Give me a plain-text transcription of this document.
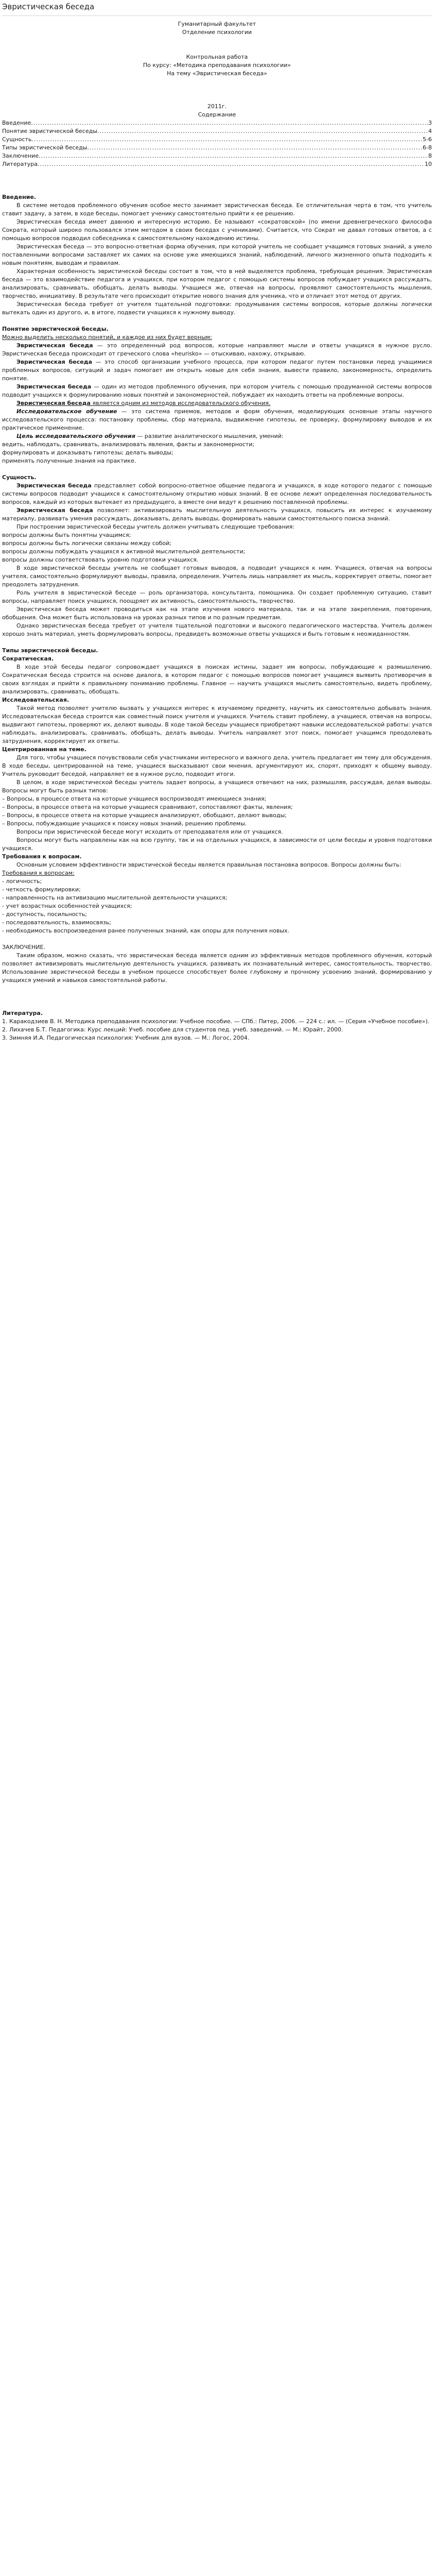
Эвристическая беседа
Гуманитарный факультет
Отделение психологии
Контрольная работа
По курсу: «Методика преподавания психологии»
На тему «Эвристическая беседа»
2011г.
Содержание
Введение .....	3
Понятие эвристической беседы .....	4
Сущность .....	5-6
Типы эвристической беседы .....	6-8
Заключение .....	8
Литература .....	10

Введение.

В системе методов проблемного обучения особое место занимает эвристическая беседа. Ее отличительная черта в том, что учитель ставит задачу, а затем, в ходе беседы, помогает ученику самостоятельно прийти к ее решению.

Эвристическая беседа имеет давнюю и интересную историю. Ее называют «сократовской» (по имени древнегреческого философа Сократа, который широко пользовался этим методом в своих беседах с учениками). Считается, что Сократ не давал готовых ответов, а с помощью вопросов подводил собеседника к самостоятельному нахождению истины.

Эвристическая беседа — это вопросно-ответная форма обучения, при которой учитель не сообщает учащимся готовых знаний, а умело поставленными вопросами заставляет их самих на основе уже имеющихся знаний, наблюдений, личного жизненного опыта подходить к новым понятиям, выводам и правилам.

Характерная особенность эвристической беседы состоит в том, что в ней выделяется проблема, требующая решения. Эвристическая беседа — это взаимодействие педагога и учащихся, при котором педагог с помощью системы вопросов побуждает учащихся рассуждать, анализировать, сравнивать, обобщать, делать выводы. Учащиеся же, отвечая на вопросы, проявляют самостоятельность мышления, творчество, инициативу. В результате чего происходит открытие нового знания для ученика, что и отличает этот метод от других.

Эвристическая беседа требует от учителя тщательной подготовки: продумывания системы вопросов, которые должны логически вытекать один из другого, и, в итоге, подвести учащихся к нужному выводу.

Понятие эвристической беседы.

Можно выделить несколько понятий, и каждое из них будет верным:

Эвристическая беседа — это определенный род вопросов, которые направляют мысли и ответы учащихся в нужное русло. Эвристическая беседа происходит от греческого слова «heurisko» — отыскиваю, нахожу, открываю.

Эвристическая беседа — это способ организации учебного процесса, при котором педагог путем постановки перед учащимися проблемных вопросов, ситуаций и задач помогает им открыть новые для себя знания, вывести правило, закономерность, определить понятие.

Эвристическая беседа — один из методов проблемного обучения, при котором учитель с помощью продуманной системы вопросов подводит учащихся к формулированию новых понятий и закономерностей, побуждает их находить ответы на проблемные вопросы.

Эвристическая беседа является одним из методов исследовательского обучения.

Исследовательское обучение — это система приемов, методов и форм обучения, моделирующих основные этапы научного исследовательского процесса: постановку проблемы, сбор материала, выдвижение гипотезы, ее проверку, формулировку выводов и их практическое применение.

Цель исследовательского обучения — развитие аналитического мышления, умений:

ведить, наблюдать, сравнивать, анализировать явления, факты и закономерности;
формулировать и доказывать гипотезы; делать выводы;
применять полученные знания на практике.

Сущность.

Эвристическая беседа представляет собой вопросно-ответное общение педагога и учащихся, в ходе которого педагог с помощью системы вопросов подводит учащихся к самостоятельному открытию новых знаний. В ее основе лежит определенная последовательность вопросов, каждый из которых вытекает из предыдущего, а вместе они ведут к решению поставленной проблемы.

Эвристическая беседа позволяет: активизировать мыслительную деятельность учащихся, повысить их интерес к изучаемому материалу, развивать умения рассуждать, доказывать, делать выводы, формировать навыки самостоятельного поиска знаний.

При построении эвристической беседы учитель должен учитывать следующие требования:

вопросы должны быть понятны учащимся;
вопросы должны быть логически связаны между собой;
вопросы должны побуждать учащихся к активной мыслительной деятельности;
вопросы должны соответствовать уровню подготовки учащихся.

В ходе эвристической беседы учитель не сообщает готовых выводов, а подводит учащихся к ним. Учащиеся, отвечая на вопросы учителя, самостоятельно формулируют выводы, правила, определения. Учитель лишь направляет их мысль, корректирует ответы, помогает преодолеть затруднения.

Роль учителя в эвристической беседе — роль организатора, консультанта, помощника. Он создает проблемную ситуацию, ставит вопросы, направляет поиск учащихся, поощряет их активность, самостоятельность, творчество.

Эвристическая беседа может проводиться как на этапе изучения нового материала, так и на этапе закрепления, повторения, обобщения. Она может быть использована на уроках разных типов и по разным предметам.

Однако эвристическая беседа требует от учителя тщательной подготовки и высокого педагогического мастерства. Учитель должен хорошо знать материал, уметь формулировать вопросы, предвидеть возможные ответы учащихся и быть готовым к неожиданностям.

Типы эвристической беседы.

Сократическая.

В ходе этой беседы педагог сопровождает учащихся в поисках истины, задает им вопросы, побуждающие к размышлению. Сократическая беседа строится на основе диалога, в котором педагог с помощью вопросов помогает учащимся выявить противоречия в своих взглядах и прийти к правильному пониманию проблемы. Главное — научить учащихся мыслить самостоятельно, видеть проблему, анализировать, сравнивать, обобщать.

Исследовательская.

Такой метод позволяет учителю вызвать у учащихся интерес к изучаемому предмету, научить их самостоятельно добывать знания. Исследовательская беседа строится как совместный поиск учителя и учащихся. Учитель ставит проблему, а учащиеся, отвечая на вопросы, выдвигают гипотезы, проверяют их, делают выводы. В ходе такой беседы учащиеся приобретают навыки исследовательской работы: учатся наблюдать, анализировать, сравнивать, обобщать, делать выводы. Учитель направляет этот поиск, помогает учащимся преодолевать затруднения, корректирует их ответы.

Центрированная на теме.

Для того, чтобы учащиеся почувствовали себя участниками интересного и важного дела, учитель предлагает им тему для обсуждения. В ходе беседы, центрированной на теме, учащиеся высказывают свои мнения, аргументируют их, спорят, приходят к общему выводу. Учитель руководит беседой, направляет ее в нужное русло, подводит итоги.

В целом, в ходе эвристической беседы учитель задает вопросы, а учащиеся отвечают на них, размышляя, рассуждая, делая выводы. Вопросы могут быть разных типов:

– Вопросы, в процессе ответа на которые учащиеся воспроизводят имеющиеся знания;
– Вопросы, в процессе ответа на которые учащиеся сравнивают, сопоставляют факты, явления;
– Вопросы, в процессе ответа на которые учащиеся анализируют, обобщают, делают выводы;
– Вопросы, побуждающие учащихся к поиску новых знаний, решению проблемы.

Вопросы при эвристической беседе могут исходить от преподавателя или от учащихся.

Вопросы могут быть направлены как на всю группу, так и на отдельных учащихся, в зависимости от цели беседы и уровня подготовки учащихся.

Требования к вопросам.

Основным условием эффективности эвристической беседы является правильная постановка вопросов. Вопросы должны быть:

Требования к вопросам:
- логичность;
- четкость формулировки;
- направленность на активизацию мыслительной деятельности учащихся;
- учет возрастных особенностей учащихся;
- доступность, посильность;
- последовательность, взаимосвязь;
- необходимость воспроизведения ранее полученных знаний, как опоры для получения новых.

ЗАКЛЮЧЕНИЕ.

Таким образом, можно сказать, что эвристическая беседа является одним из эффективных методов проблемного обучения, который позволяет активизировать мыслительную деятельность учащихся, развивать их познавательный интерес, самостоятельность, творчество. Использование эвристической беседы в учебном процессе способствует более глубокому и прочному усвоению знаний, формированию у учащихся умений и навыков самостоятельной работы.

Литература.

1. Каракодзиев В. Н. Методика преподавания психологии: Учебное пособие. — СПб.: Питер, 2006. — 224 с.: ил. — (Серия «Учебное пособие»).

2. Лихачев Б.Т. Педагогика: Курс лекций: Учеб. пособие для студентов пед. учеб. заведений. — М.: Юрайт, 2000.

3. Зимняя И.А. Педагогическая психология: Учебник для вузов. — М.: Логос, 2004.
